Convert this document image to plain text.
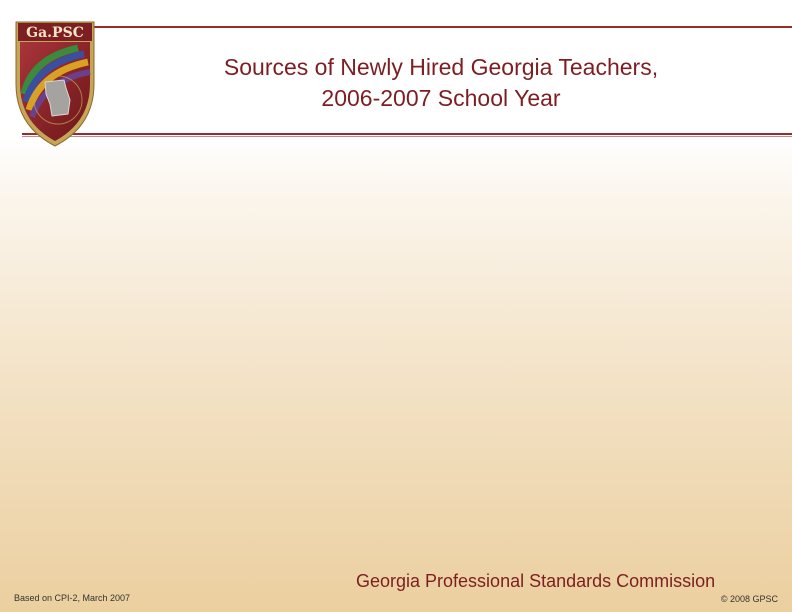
Ga.PSC
Sources of Newly Hired Georgia Teachers,
2006-2007 School Year
Based on CPI-2, March 2007
Georgia Professional Standards Commission
© 2008 GPSC
